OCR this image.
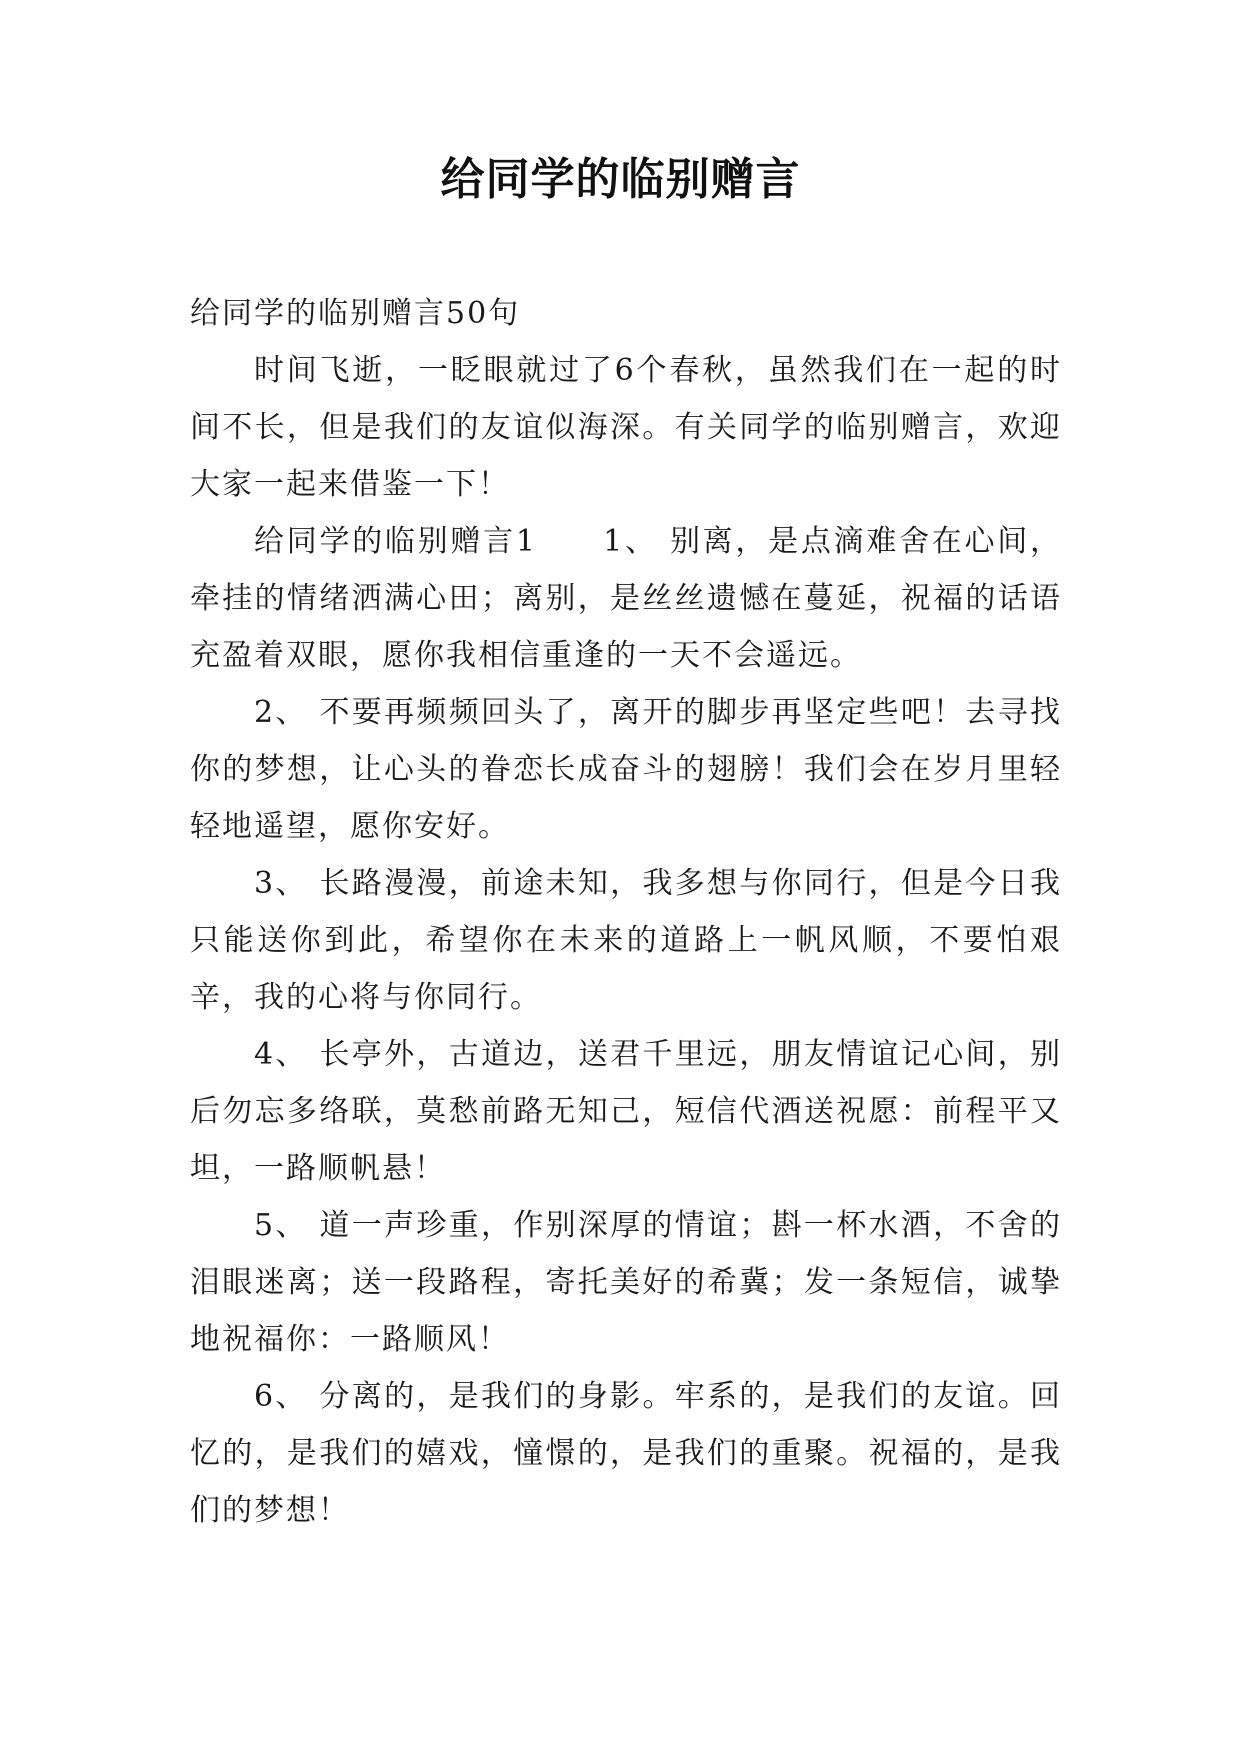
给同学的临别赠言

给同学的临别赠言50句

时间飞逝，一眨眼就过了6个春秋，虽然我们在一起的时间不长，但是我们的友谊似海深。有关同学的临别赠言，欢迎大家一起来借鉴一下！

给同学的临别赠言1　　1、 别离，是点滴难舍在心间，牵挂的情绪洒满心田；离别，是丝丝遗憾在蔓延，祝福的话语充盈着双眼，愿你我相信重逢的一天不会遥远。

2、 不要再频频回头了，离开的脚步再坚定些吧！去寻找你的梦想，让心头的眷恋长成奋斗的翅膀！我们会在岁月里轻轻地遥望，愿你安好。

3、 长路漫漫，前途未知，我多想与你同行，但是今日我只能送你到此，希望你在未来的道路上一帆风顺，不要怕艰辛，我的心将与你同行。

4、 长亭外，古道边，送君千里远，朋友情谊记心间，别后勿忘多络联，莫愁前路无知己，短信代酒送祝愿：前程平又坦，一路顺帆悬！

5、 道一声珍重，作别深厚的情谊；斟一杯水酒，不舍的泪眼迷离；送一段路程，寄托美好的希冀；发一条短信，诚挚地祝福你：一路顺风！

6、 分离的，是我们的身影。牢系的，是我们的友谊。回忆的，是我们的嬉戏，憧憬的，是我们的重聚。祝福的，是我们的梦想！
